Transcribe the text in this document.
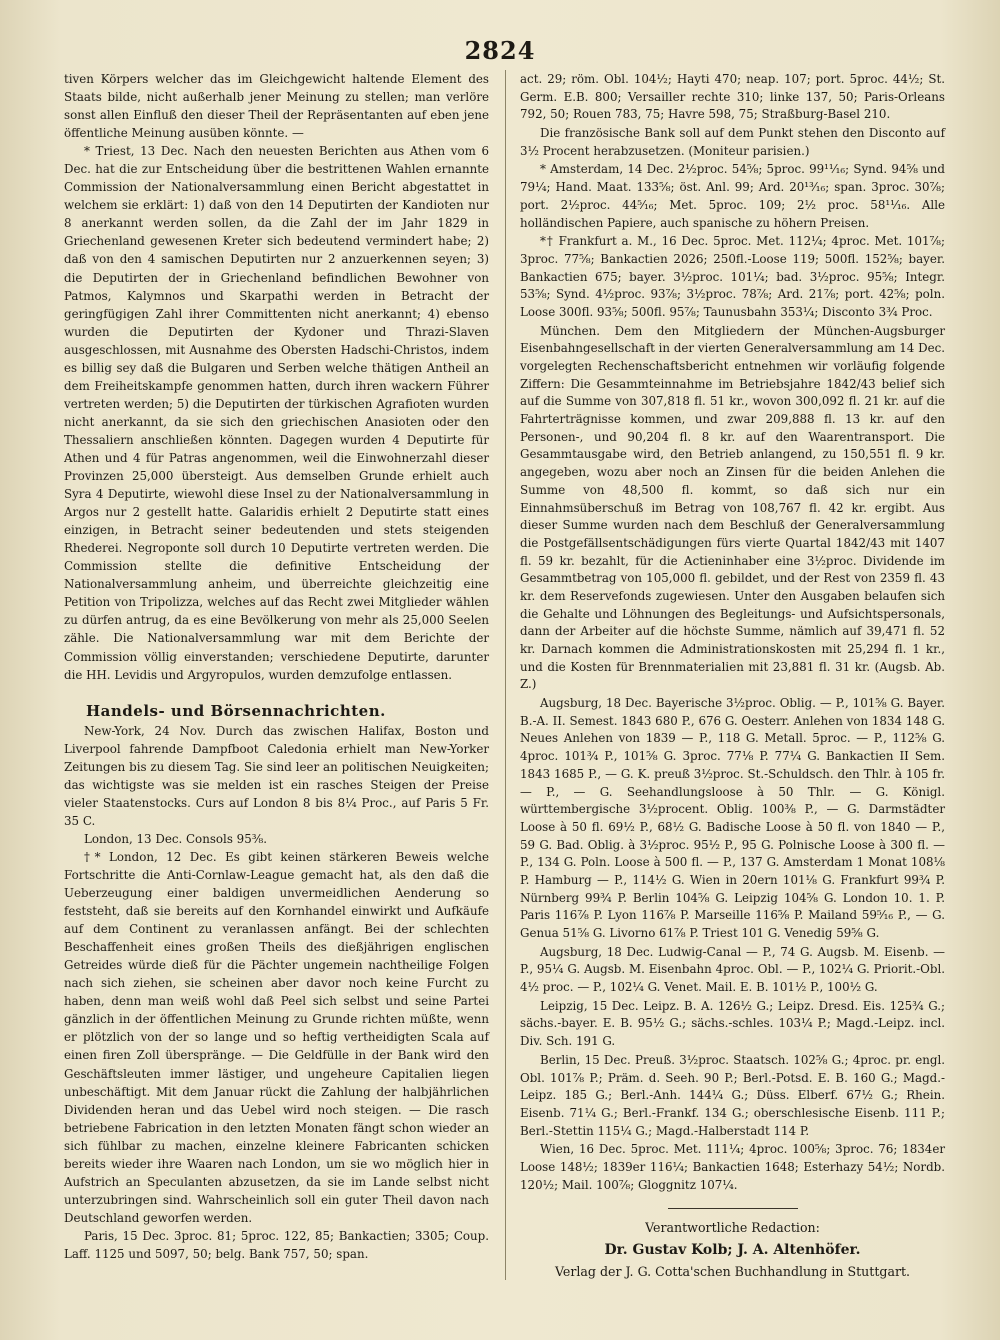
2824

tiven Körpers welcher das im Gleichgewicht haltende Element des Staats bilde, nicht außerhalb jener Meinung zu stellen; man verlöre sonst allen Einfluß den dieser Theil der Repräsentanten auf eben jene öffentliche Meinung ausüben könnte. —

* Triest, 13 Dec. Nach den neuesten Berichten aus Athen vom 6 Dec. hat die zur Entscheidung über die bestrittenen Wahlen ernannte Commission der Nationalversammlung einen Bericht abgestattet in welchem sie erklärt: 1) daß von den 14 Deputirten der Kandioten nur 8 anerkannt werden sollen, da die Zahl der im Jahr 1829 in Griechenland gewesenen Kreter sich bedeutend vermindert habe; 2) daß von den 4 samischen Deputirten nur 2 anzuerkennen seyen; 3) die Deputirten der in Griechenland befindlichen Bewohner von Patmos, Kalymnos und Skarpathi werden in Betracht der geringfügigen Zahl ihrer Committenten nicht anerkannt; 4) ebenso wurden die Deputirten der Kydoner und Thrazi-Slaven ausgeschlossen, mit Ausnahme des Obersten Hadschi-Christos, indem es billig sey daß die Bulgaren und Serben welche thätigen Antheil an dem Freiheitskampfe genommen hatten, durch ihren wackern Führer vertreten werden; 5) die Deputirten der türkischen Agrafioten wurden nicht anerkannt, da sie sich den griechischen Anasioten oder den Thessaliern anschließen könnten. Dagegen wurden 4 Deputirte für Athen und 4 für Patras angenommen, weil die Einwohnerzahl dieser Provinzen 25,000 übersteigt. Aus demselben Grunde erhielt auch Syra 4 Deputirte, wiewohl diese Insel zu der Nationalversammlung in Argos nur 2 gestellt hatte. Galaridis erhielt 2 Deputirte statt eines einzigen, in Betracht seiner bedeutenden und stets steigenden Rhederei. Negroponte soll durch 10 Deputirte vertreten werden. Die Commission stellte die definitive Entscheidung der Nationalversammlung anheim, und überreichte gleichzeitig eine Petition von Tripolizza, welches auf das Recht zwei Mitglieder wählen zu dürfen antrug, da es eine Bevölkerung von mehr als 25,000 Seelen zähle. Die Nationalversammlung war mit dem Berichte der Commission völlig einverstanden; verschiedene Deputirte, darunter die HH. Levidis und Argyropulos, wurden demzufolge entlassen.

Handels- und Börsennachrichten.

New-York, 24 Nov. Durch das zwischen Halifax, Boston und Liverpool fahrende Dampfboot Caledonia erhielt man New-Yorker Zeitungen bis zu diesem Tag. Sie sind leer an politischen Neuigkeiten; das wichtigste was sie melden ist ein rasches Steigen der Preise vieler Staatenstocks. Curs auf London 8 bis 8¼ Proc., auf Paris 5 Fr. 35 C.

London, 13 Dec. Consols 95⅜.

†* London, 12 Dec. Es gibt keinen stärkeren Beweis welche Fortschritte die Anti-Cornlaw-League gemacht hat, als den daß die Ueberzeugung einer baldigen unvermeidlichen Aenderung so feststeht, daß sie bereits auf den Kornhandel einwirkt und Aufkäufe auf dem Continent zu veranlassen anfängt. Bei der schlechten Beschaffenheit eines großen Theils des dießjährigen englischen Getreides würde dieß für die Pächter ungemein nachtheilige Folgen nach sich ziehen, sie scheinen aber davor noch keine Furcht zu haben, denn man weiß wohl daß Peel sich selbst und seine Partei gänzlich in der öffentlichen Meinung zu Grunde richten müßte, wenn er plötzlich von der so lange und so heftig vertheidigten Scala auf einen firen Zoll überspränge. — Die Geldfülle in der Bank wird den Geschäftsleuten immer lästiger, und ungeheure Capitalien liegen unbeschäftigt. Mit dem Januar rückt die Zahlung der halbjährlichen Dividenden heran und das Uebel wird noch steigen. — Die rasch betriebene Fabrication in den letzten Monaten fängt schon wieder an sich fühlbar zu machen, einzelne kleinere Fabricanten schicken bereits wieder ihre Waaren nach London, um sie wo möglich hier in Aufstrich an Speculanten abzusetzen, da sie im Lande selbst nicht unterzubringen sind. Wahrscheinlich soll ein guter Theil davon nach Deutschland geworfen werden.

Paris, 15 Dec. 3proc. 81; 5proc. 122, 85; Bankactien; 3305; Coup. Laff. 1125 und 5097, 50; belg. Bank 757, 50; span.

act. 29; röm. Obl. 104½; Hayti 470; neap. 107; port. 5proc. 44½; St. Germ. E.B. 800; Versailler rechte 310; linke 137, 50; Paris-Orleans 792, 50; Rouen 783, 75; Havre 598, 75; Straßburg-Basel 210.

Die französische Bank soll auf dem Punkt stehen den Disconto auf 3½ Procent herabzusetzen. (Moniteur parisien.)

* Amsterdam, 14 Dec. 2½proc. 54⅝; 5proc. 99¹¹⁄₁₆; Synd. 94⅝ und 79¼; Hand. Maat. 133⅝; öst. Anl. 99; Ard. 20¹³⁄₁₆; span. 3proc. 30⅞; port. 2½proc. 44⁵⁄₁₆; Met. 5proc. 109; 2½ proc. 58¹¹⁄₁₆. Alle holländischen Papiere, auch spanische zu höhern Preisen.

*† Frankfurt a. M., 16 Dec. 5proc. Met. 112¼; 4proc. Met. 101⅞; 3proc. 77⅝; Bankactien 2026; 250fl.-Loose 119; 500fl. 152⅝; bayer. Bankactien 675; bayer. 3½proc. 101¼; bad. 3½proc. 95⅝; Integr. 53⅝; Synd. 4½proc. 93⅞; 3½proc. 78⅞; Ard. 21⅞; port. 42⅝; poln. Loose 300fl. 93⅝; 500fl. 95⅞; Taunusbahn 353¼; Disconto 3¾ Proc.

München. Dem den Mitgliedern der München-Augsburger Eisenbahngesellschaft in der vierten Generalversammlung am 14 Dec. vorgelegten Rechenschaftsbericht entnehmen wir vorläufig folgende Ziffern: Die Gesammteinnahme im Betriebsjahre 1842/43 belief sich auf die Summe von 307,818 fl. 51 kr., wovon 300,092 fl. 21 kr. auf die Fahrterträgnisse kommen, und zwar 209,888 fl. 13 kr. auf den Personen-, und 90,204 fl. 8 kr. auf den Waarentransport. Die Gesammtausgabe wird, den Betrieb anlangend, zu 150,551 fl. 9 kr. angegeben, wozu aber noch an Zinsen für die beiden Anlehen die Summe von 48,500 fl. kommt, so daß sich nur ein Einnahmsüberschuß im Betrag von 108,767 fl. 42 kr. ergibt. Aus dieser Summe wurden nach dem Beschluß der Generalversammlung die Postgefällsentschädigungen fürs vierte Quartal 1842/43 mit 1407 fl. 59 kr. bezahlt, für die Actieninhaber eine 3½proc. Dividende im Gesammtbetrag von 105,000 fl. gebildet, und der Rest von 2359 fl. 43 kr. dem Reservefonds zugewiesen. Unter den Ausgaben belaufen sich die Gehalte und Löhnungen des Begleitungs- und Aufsichtspersonals, dann der Arbeiter auf die höchste Summe, nämlich auf 39,471 fl. 52 kr. Darnach kommen die Administrationskosten mit 25,294 fl. 1 kr., und die Kosten für Brennmaterialien mit 23,881 fl. 31 kr. (Augsb. Ab. Z.)

Augsburg, 18 Dec. Bayerische 3½proc. Oblig. — P., 101⅝ G. Bayer. B.-A. II. Semest. 1843 680 P., 676 G. Oesterr. Anlehen von 1834 148 G. Neues Anlehen von 1839 — P., 118 G. Metall. 5proc. — P., 112⅝ G. 4proc. 101¾ P., 101⅝ G. 3proc. 77⅛ P. 77¼ G. Bankactien II Sem. 1843 1685 P., — G. K. preuß 3½proc. St.-Schuldsch. den Thlr. à 105 fr. — P., — G. Seehandlungsloose à 50 Thlr. — G. Königl. württembergische 3½procent. Oblig. 100⅜ P., — G. Darmstädter Loose à 50 fl. 69½ P., 68½ G. Badische Loose à 50 fl. von 1840 — P., 59 G. Bad. Oblig. à 3½proc. 95½ P., 95 G. Polnische Loose à 300 fl. — P., 134 G. Poln. Loose à 500 fl. — P., 137 G. Amsterdam 1 Monat 108⅛ P. Hamburg — P., 114½ G. Wien in 20ern 101⅛ G. Frankfurt 99¾ P. Nürnberg 99¾ P. Berlin 104⅝ G. Leipzig 104⅝ G. London 10. 1. P. Paris 116⅞ P. Lyon 116⅞ P. Marseille 116⅝ P. Mailand 59⁵⁄₁₆ P., — G. Genua 51⅝ G. Livorno 61⅞ P. Triest 101 G. Venedig 59⅝ G.

Augsburg, 18 Dec. Ludwig-Canal — P., 74 G. Augsb. M. Eisenb. — P., 95¼ G. Augsb. M. Eisenbahn 4proc. Obl. — P., 102¼ G. Priorit.-Obl. 4½ proc. — P., 102¼ G. Venet. Mail. E. B. 101½ P., 100½ G.

Leipzig, 15 Dec. Leipz. B. A. 126½ G.; Leipz. Dresd. Eis. 125¾ G.; sächs.-bayer. E. B. 95½ G.; sächs.-schles. 103¼ P.; Magd.-Leipz. incl. Div. Sch. 191 G.

Berlin, 15 Dec. Preuß. 3½proc. Staatsch. 102⅝ G.; 4proc. pr. engl. Obl. 101⅞ P.; Präm. d. Seeh. 90 P.; Berl.-Potsd. E. B. 160 G.; Magd.-Leipz. 185 G.; Berl.-Anh. 144¼ G.; Düss. Elberf. 67½ G.; Rhein. Eisenb. 71¼ G.; Berl.-Frankf. 134 G.; oberschlesische Eisenb. 111 P.; Berl.-Stettin 115¼ G.; Magd.-Halberstadt 114 P.

Wien, 16 Dec. 5proc. Met. 111¼; 4proc. 100⅝; 3proc. 76; 1834er Loose 148½; 1839er 116¼; Bankactien 1648; Esterhazy 54½; Nordb. 120½; Mail. 100⅞; Gloggnitz 107¼.

Verantwortliche Redaction:
Dr. Gustav Kolb; J. A. Altenhöfer.
Verlag der J. G. Cotta'schen Buchhandlung in Stuttgart.
